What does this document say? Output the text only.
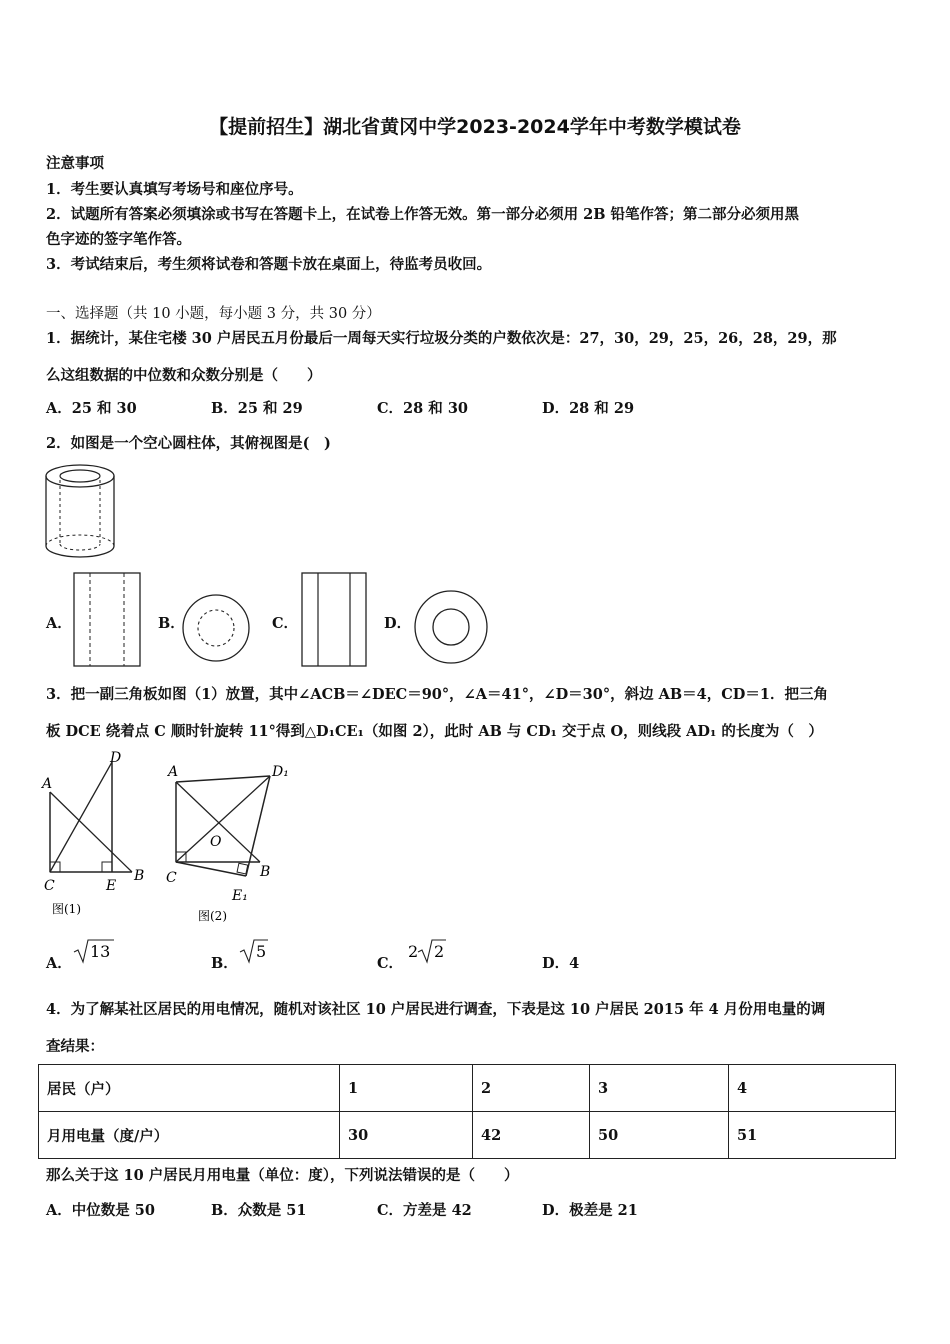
【提前招生】湖北省黄冈中学2023-2024学年中考数学模试卷
注意事项
1．考生要认真填写考场号和座位序号。
2．试题所有答案必须填涂或书写在答题卡上，在试卷上作答无效。第一部分必须用 2B 铅笔作答；第二部分必须用黑
色字迹的签字笔作答。
3．考试结束后，考生须将试卷和答题卡放在桌面上，待监考员收回。
一、选择题（共 10 小题，每小题 3 分，共 30 分）
1．据统计，某住宅楼 30 户居民五月份最后一周每天实行垃圾分类的户数依次是：27，30，29，25，26，28，29，那
么这组数据的中位数和众数分别是（　　）
A．25 和 30	B．25 和 29	C．28 和 30	D．28 和 29
2．如图是一个空心圆柱体，其俯视图是(　)
A．	B．	C．	D．
3．把一副三角板如图（1）放置，其中∠ACB＝∠DEC＝90°，∠A＝41°，∠D＝30°，斜边 AB＝4，CD＝1．把三角
板 DCE 绕着点 C 顺时针旋转 11°得到△D₁CE₁（如图 2），此时 AB 与 CD₁ 交于点 O，则线段 AD₁ 的长度为（　）
A
D
C	E
B
图(1)
A	D₁
O
C	B
E₁
图(2)
A．
13
B．
5
C．
2 2
D．4
4．为了解某社区居民的用电情况，随机对该社区 10 户居民进行调查，下表是这 10 户居民 2015 年 4 月份用电量的调
查结果：
居民（户）	1	2	3	4
月用电量（度/户）	30	42	50	51
那么关于这 10 户居民月用电量（单位：度），下列说法错误的是（　　）
A．中位数是 50	B．众数是 51	C．方差是 42	D．极差是 21
